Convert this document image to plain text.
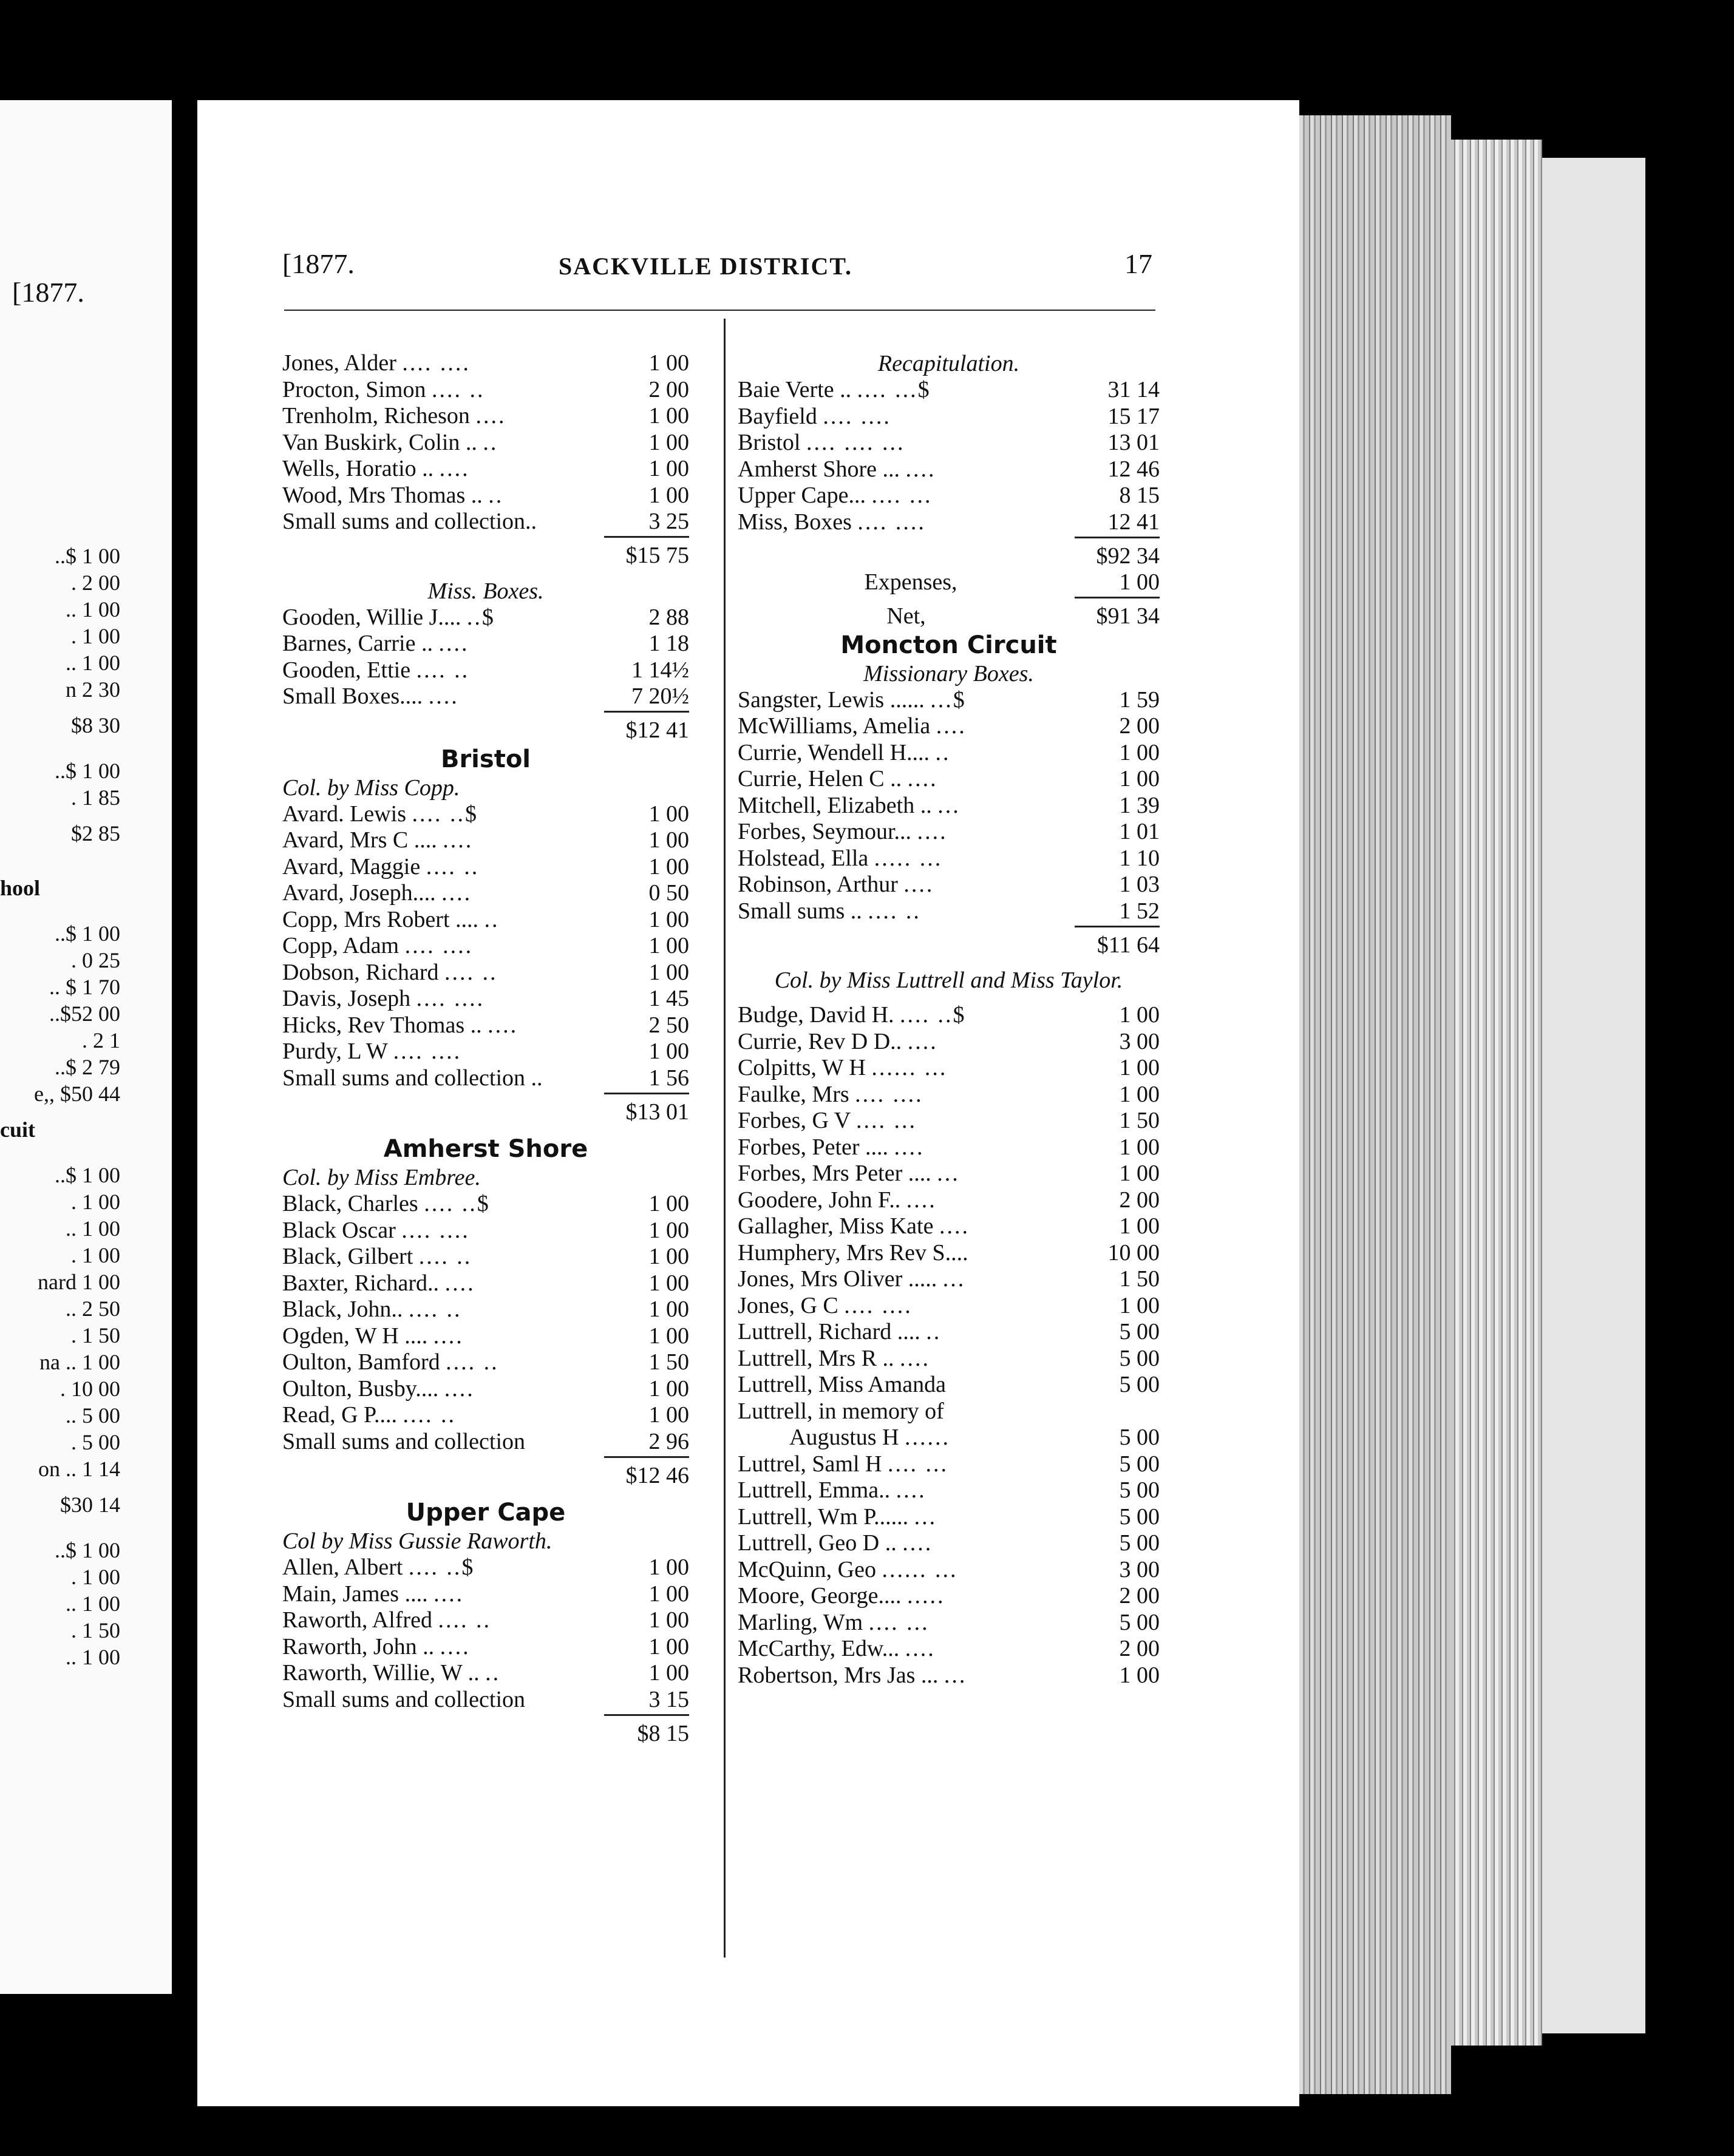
[1877.
..$ 1 00
. 2 00
.. 1 00
. 1 00
.. 1 00
n 2 30
$8 30
..$ 1 00
. 1 85
$2 85
hool
..$ 1 00
. 0 25
.. $ 1 70
..$52 00
. 2 1
..$ 2 79
e,, $50 44
cuit
..$ 1 00
. 1 00
.. 1 00
. 1 00
nard 1 00
.. 2 50
. 1 50
na .. 1 00
. 10 00
.. 5 00
. 5 00
on .. 1 14
$30 14
..$ 1 00
. 1 00
.. 1 00
. 1 50
.. 1 00
[1877.	SACKVILLE DISTRICT.	17
Jones, Alder .... ....	1 00
Procton, Simon .... ..	2 00
Trenholm, Richeson ....	1 00
Van Buskirk, Colin .. ..	1 00
Wells, Horatio .. ....	1 00
Wood, Mrs Thomas .. ..	1 00
Small sums and collection..	3 25
$15 75
Miss. Boxes.
Gooden, Willie J.... ..$	2 88
Barnes, Carrie .. ....	1 18
Gooden, Ettie .... ..	1 14½
Small Boxes.... ....	7 20½
$12 41
Bristol
Col. by Miss Copp.
Avard. Lewis .... ..$	1 00
Avard, Mrs C .... ....	1 00
Avard, Maggie .... ..	1 00
Avard, Joseph.... ....	0 50
Copp, Mrs Robert .... ..	1 00
Copp, Adam .... ....	1 00
Dobson, Richard .... ..	1 00
Davis, Joseph .... ....	1 45
Hicks, Rev Thomas .. ....	2 50
Purdy, L W .... ....	1 00
Small sums and collection ..	1 56
$13 01
Amherst Shore
Col. by Miss Embree.
Black, Charles .... ..$	1 00
Black Oscar .... ....	1 00
Black, Gilbert .... ..	1 00
Baxter, Richard.. ....	1 00
Black, John.. .... ..	1 00
Ogden, W H .... ....	1 00
Oulton, Bamford .... ..	1 50
Oulton, Busby.... ....	1 00
Read, G P.... .... ..	1 00
Small sums and collection	2 96
$12 46
Upper Cape
Col by Miss Gussie Raworth.
Allen, Albert .... ..$	1 00
Main, James .... ....	1 00
Raworth, Alfred .... ..	1 00
Raworth, John .. ....	1 00
Raworth, Willie, W .. ..	1 00
Small sums and collection	3 15
$8 15
Recapitulation.
Baie Verte .. .... ...$	31 14
Bayfield .... ....	15 17
Bristol .... .... ...	13 01
Amherst Shore ... ....	12 46
Upper Cape... .... ...	8 15
Miss, Boxes .... ....	12 41
$92 34
Expenses,	1 00
Net,	$91 34
Moncton Circuit
Missionary Boxes.
Sangster, Lewis ...... ...$	1 59
McWilliams, Amelia ....	2 00
Currie, Wendell H.... ..	1 00
Currie, Helen C .. ....	1 00
Mitchell, Elizabeth .. ...	1 39
Forbes, Seymour... ....	1 01
Holstead, Ella ..... ...	1 10
Robinson, Arthur ....	1 03
Small sums .. .... ..	1 52
$11 64
Col. by Miss Luttrell and Miss Taylor.
Budge, David H. .... ..$	1 00
Currie, Rev D D.. ....	3 00
Colpitts, W H ...... ...	1 00
Faulke, Mrs .... ....	1 00
Forbes, G V .... ...	1 50
Forbes, Peter .... ....	1 00
Forbes, Mrs Peter .... ...	1 00
Goodere, John F.. ....	2 00
Gallagher, Miss Kate ....	1 00
Humphery, Mrs Rev S....	10 00
Jones, Mrs Oliver ..... ...	1 50
Jones, G C .... ....	1 00
Luttrell, Richard .... ..	5 00
Luttrell, Mrs R .. ....	5 00
Luttrell, Miss Amanda	5 00
Luttrell, in memory of
Augustus H ......	5 00
Luttrel, Saml H .... ...	5 00
Luttrell, Emma.. ....	5 00
Luttrell, Wm P...... ...	5 00
Luttrell, Geo D .. ....	5 00
McQuinn, Geo ...... ...	3 00
Moore, George.... .....	2 00
Marling, Wm .... ...	5 00
McCarthy, Edw... ....	2 00
Robertson, Mrs Jas ... ...	1 00
